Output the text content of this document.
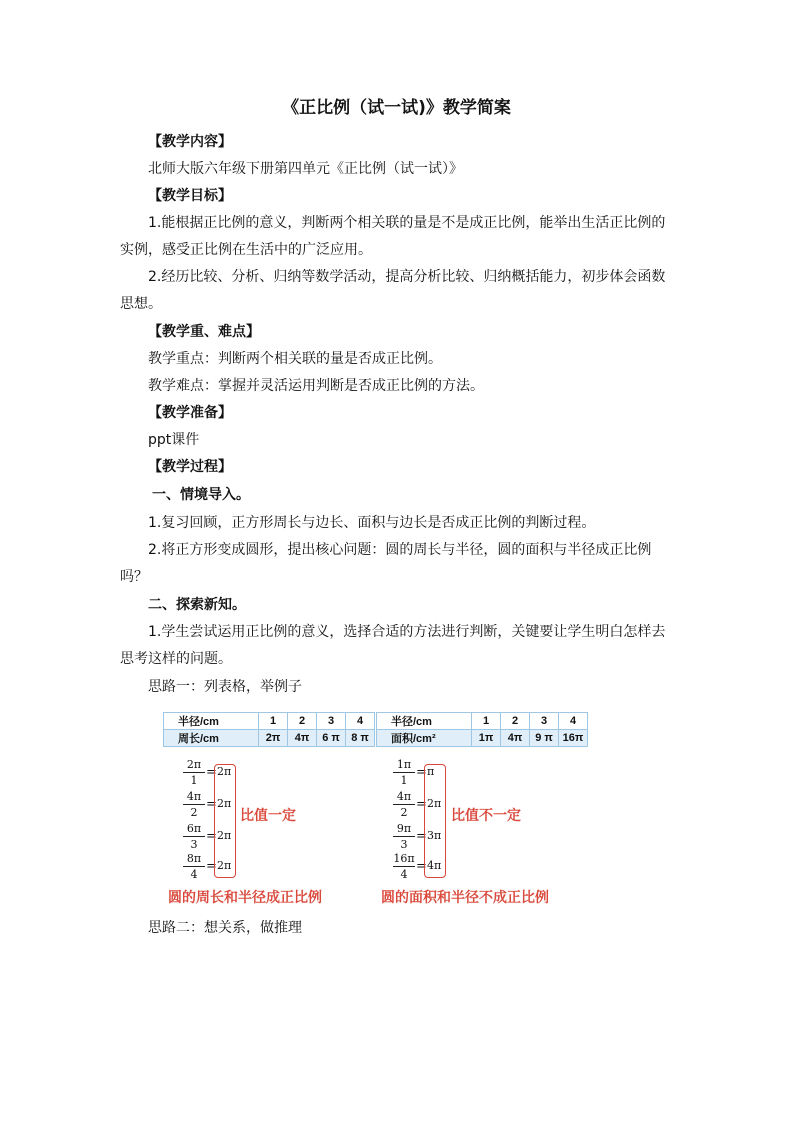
《正比例（试一试)》教学简案
【教学内容】
北师大版六年级下册第四单元《正比例（试一试）》
【教学目标】
1.能根据正比例的意义，判断两个相关联的量是不是成正比例，能举出生活正比例的
实例，感受正比例在生活中的广泛应用。
2.经历比较、分析、归纳等数学活动，提高分析比较、归纳概括能力，初步体会函数
思想。
【教学重、难点】
教学重点：判断两个相关联的量是否成正比例。
教学难点：掌握并灵活运用判断是否成正比例的方法。
【教学准备】
ppt课件
【教学过程】
一、情境导入。
1.复习回顾，正方形周长与边长、面积与边长是否成正比例的判断过程。
2.将正方形变成圆形，提出核心问题：圆的周长与半径，圆的面积与半径成正比例
吗？
二、探索新知。
1.学生尝试运用正比例的意义，选择合适的方法进行判断，关键要让学生明白怎样去
思考这样的问题。
思路一：列表格，举例子
半径/cm	1	2	3	4
周长/cm	2π	4π	6 π	8 π
半径/cm	1	2	3	4
面积/cm²	1π	4π	9 π	16π
$\frac{2\pi}{1} = 2\pi$
$\frac{4\pi}{2} = 2\pi$
$\frac{6\pi}{3} = 2\pi$
$\frac{8\pi}{4} = 2\pi$
比值一定
圆的周长和半径成正比例
$\frac{1\pi}{1} = \pi$
$\frac{4\pi}{2} = 2\pi$
$\frac{9\pi}{3} = 3\pi$
$\frac{16\pi}{4} = 4\pi$
比值不一定
圆的面积和半径不成正比例
思路二：想关系，做推理
